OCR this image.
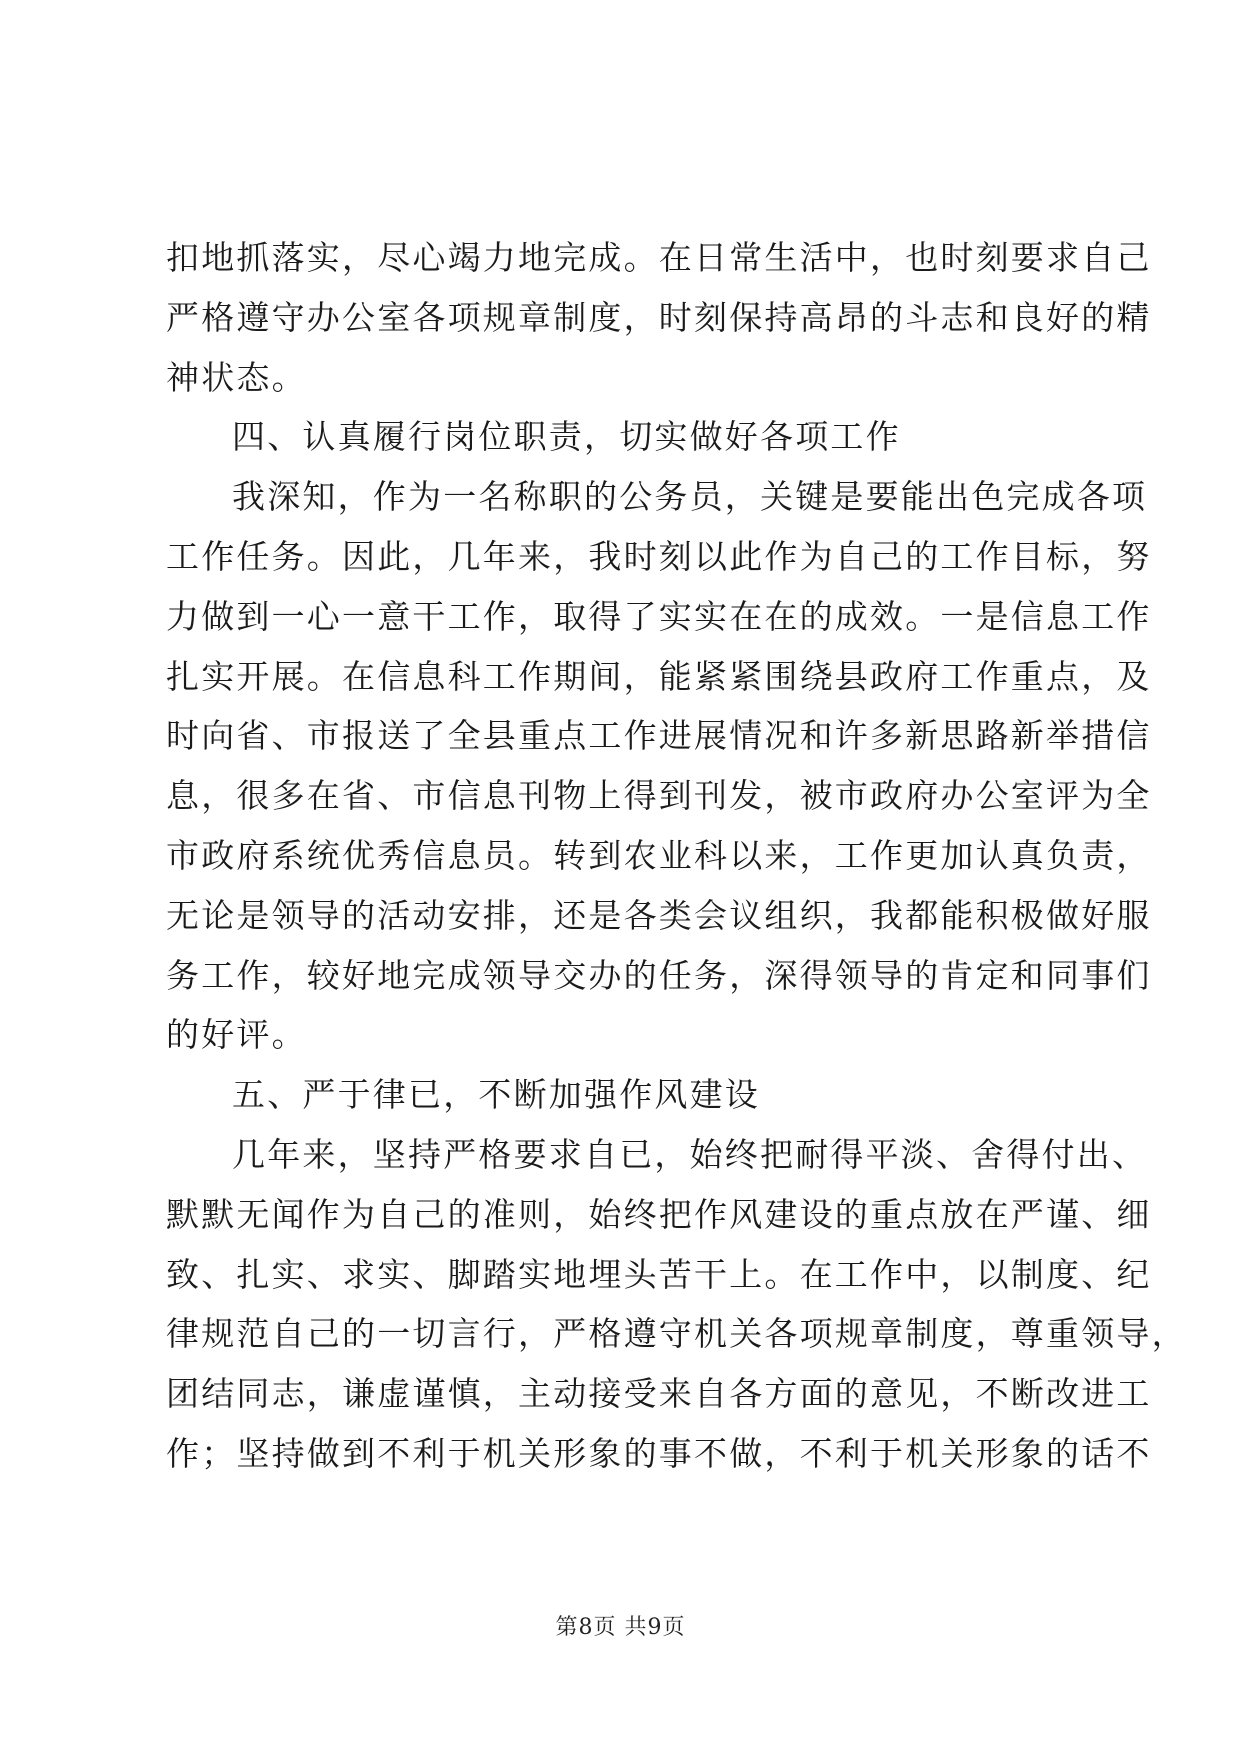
扣地抓落实，尽心竭力地完成。在日常生活中，也时刻要求自己
严格遵守办公室各项规章制度，时刻保持高昂的斗志和良好的精
神状态。
四、认真履行岗位职责，切实做好各项工作
我深知，作为一名称职的公务员，关键是要能出色完成各项
工作任务。因此，几年来，我时刻以此作为自己的工作目标，努
力做到一心一意干工作，取得了实实在在的成效。一是信息工作
扎实开展。在信息科工作期间，能紧紧围绕县政府工作重点，及
时向省、市报送了全县重点工作进展情况和许多新思路新举措信
息，很多在省、市信息刊物上得到刊发，被市政府办公室评为全
市政府系统优秀信息员。转到农业科以来，工作更加认真负责，
无论是领导的活动安排，还是各类会议组织，我都能积极做好服
务工作，较好地完成领导交办的任务，深得领导的肯定和同事们
的好评。
五、严于律已，不断加强作风建设
几年来，坚持严格要求自已，始终把耐得平淡、舍得付出、
默默无闻作为自己的准则，始终把作风建设的重点放在严谨、细
致、扎实、求实、脚踏实地埋头苦干上。在工作中，以制度、纪
律规范自己的一切言行，严格遵守机关各项规章制度，尊重领导，
团结同志，谦虚谨慎，主动接受来自各方面的意见，不断改进工
作；坚持做到不利于机关形象的事不做，不利于机关形象的话不
第8页 共9页
